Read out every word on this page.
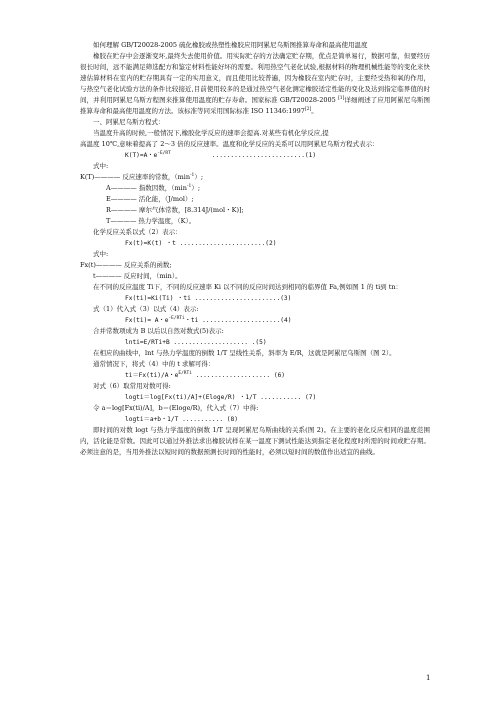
如何理解 GB/T20028-2005 硫化橡胶或热塑性橡胶应用阿累尼乌斯图推算寿命和最高使用温度

橡胶在贮存中会逐渐变坏,最终失去使用价值。用实际贮存的方法确定贮存期，优点是简单易行，数据可靠，但要经历很长时间，远不能满足筛选配方和鉴定材料性能好坏的需要。利用热空气老化试验,根据材料的物理机械性能等的变化来快速估算材料在室内的贮存期具有一定的实用意义，而且使用比较普遍，因为橡胶在室内贮存时，主要经受热和氧的作用，与热空气老化试验方法的条件比较接近,目前使用较多的是通过热空气老化测定橡胶适定性能的变化及达到指定临界值的时间，并利用阿累尼乌斯方程图来推算使用温度的贮存寿命。国家标准 GB/T20028-2005 [1]详细阐述了应用阿累尼乌斯图推算寿命和最高使用温度的方法。该标准等同采用国际标准 ISO 11346:1997[2]。

一、阿累尼乌斯方程式：

当温度升高的时候,一般情况下,橡胶化学反应的速率会提高.对某些有机化学反应,提

高温度 10℃,意味着提高了 2～3 倍的反应速率。温度和化学反应的关系可以用阿累尼乌斯方程式表示：

K(T)=A・$e^{-E/RT}$	.........................(1)

式中:

K(T)———— 反应速率的常数，$(\min^{-1})$;

A———— 指数因数，$(\min^{-1})$;

E———— 活化能，（J/mol）;

R———— 摩尔气体常数，[8.314J/(mol・K)];

T———— 热力学温度，（K）。

化学反应关系以式（2）表示：

Fx(t)=K(t) ・t .......................(2)

式中:

Fx(t)———— 反应关系的函数;

t———— 反应时间，（min）。

在不同的反应温度 Ti下，不同的反应速率 Ki 以不同的反应时间达到相同的临界值 Fa,例如图 1 的 ti到 tn：

Fx(ti)=Ki(Ti) ・ti .......................(3)

式（1）代入式（3）以式（4）表示:

Fx(ti)= A・$e^{-E/RTi}$・ti .....................(4)

合并常数项成为 B 以后以自然对数式(5)表示:

lnti=E/RTi+B .................... .(5)

在相应的曲线中，lnt 与热力学温度的倒数 1/T 呈线性关系，斜率为 E/R，这就是阿累尼乌斯图（图 2）。

通常情况下，将式（4）中的 t 求解可得：

ti＝Fx(ti)/A・$e^{E/RTi}$ .................... (6)

对式（6）取常用对数可得:

logti＝log[Fx(ti)/A]+(Eloge/R) ・1/T ........... (7)

令 a＝log[Fx(ti)/A]，b＝(Eloge/R)，代入式（7）中得:

logti＝a+b・1/T ........... (8)

即时间的对数 logt 与热力学温度的倒数 1/T 呈现阿累尼乌斯曲线的关系(图 2)。在主要的老化反应相同的温度范围内，活化能是常数。因此可以通过外推法求出橡胶试样在某一温度下测试性能达到指定老化程度时所需的时间或贮存期。必须注意的是，当用外推法以短时间的数据预测长时间的性能时，必须以短时间的数值作出适宜的曲线。

1
